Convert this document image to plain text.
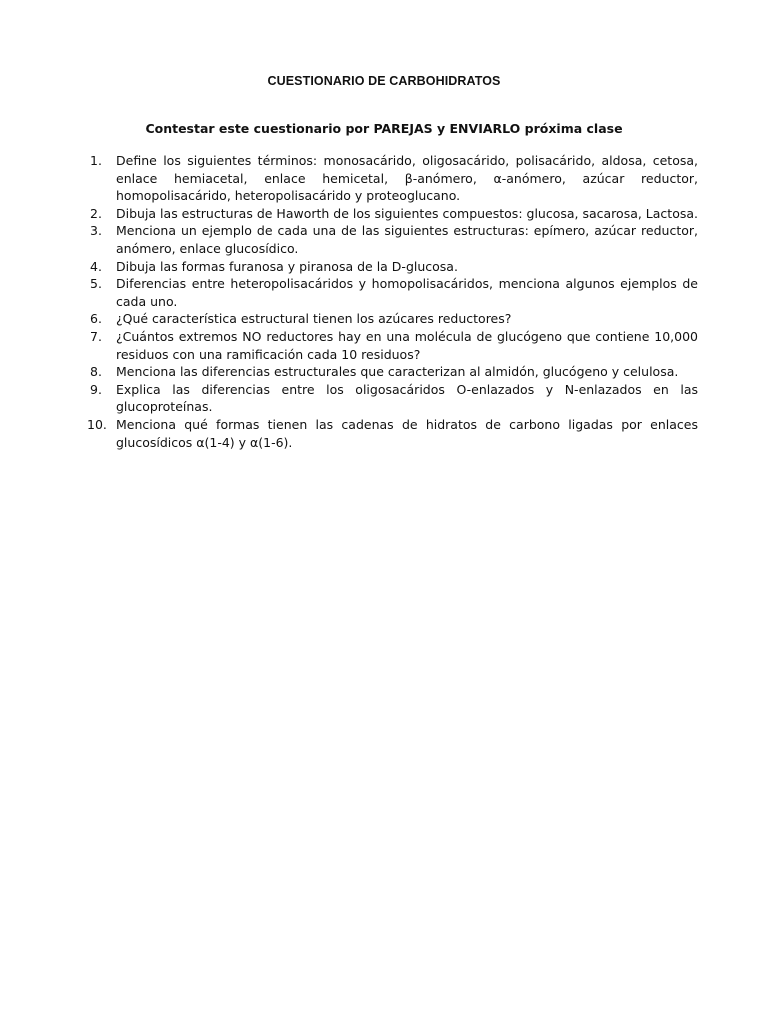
CUESTIONARIO DE CARBOHIDRATOS
Contestar este cuestionario por PAREJAS y ENVIARLO próxima clase
1.	Define los siguientes términos: monosacárido, oligosacárido, polisacárido, aldosa, cetosa, enlace hemiacetal, enlace hemicetal, β-anómero, α-anómero, azúcar reductor, homopolisacárido, heteropolisacárido y proteoglucano.
2.	Dibuja las estructuras de Haworth de los siguientes compuestos: glucosa, sacarosa, Lactosa.
3.	Menciona un ejemplo de cada una de las siguientes estructuras: epímero, azúcar reductor, anómero, enlace glucosídico.
4.	Dibuja las formas furanosa y piranosa de la D-glucosa.
5.	Diferencias entre heteropolisacáridos y homopolisacáridos, menciona algunos ejemplos de cada uno.
6.	¿Qué característica estructural tienen los azúcares reductores?
7.	¿Cuántos extremos NO reductores hay en una molécula de glucógeno que contiene 10,000 residuos con una ramificación cada 10 residuos?
8.	Menciona las diferencias estructurales que caracterizan al almidón, glucógeno y celulosa.
9.	Explica las diferencias entre los oligosacáridos O-enlazados y N-enlazados en las glucoproteínas.
10. Menciona qué formas tienen las cadenas de hidratos de carbono ligadas por enlaces glucosídicos α(1-4) y α(1-6).
